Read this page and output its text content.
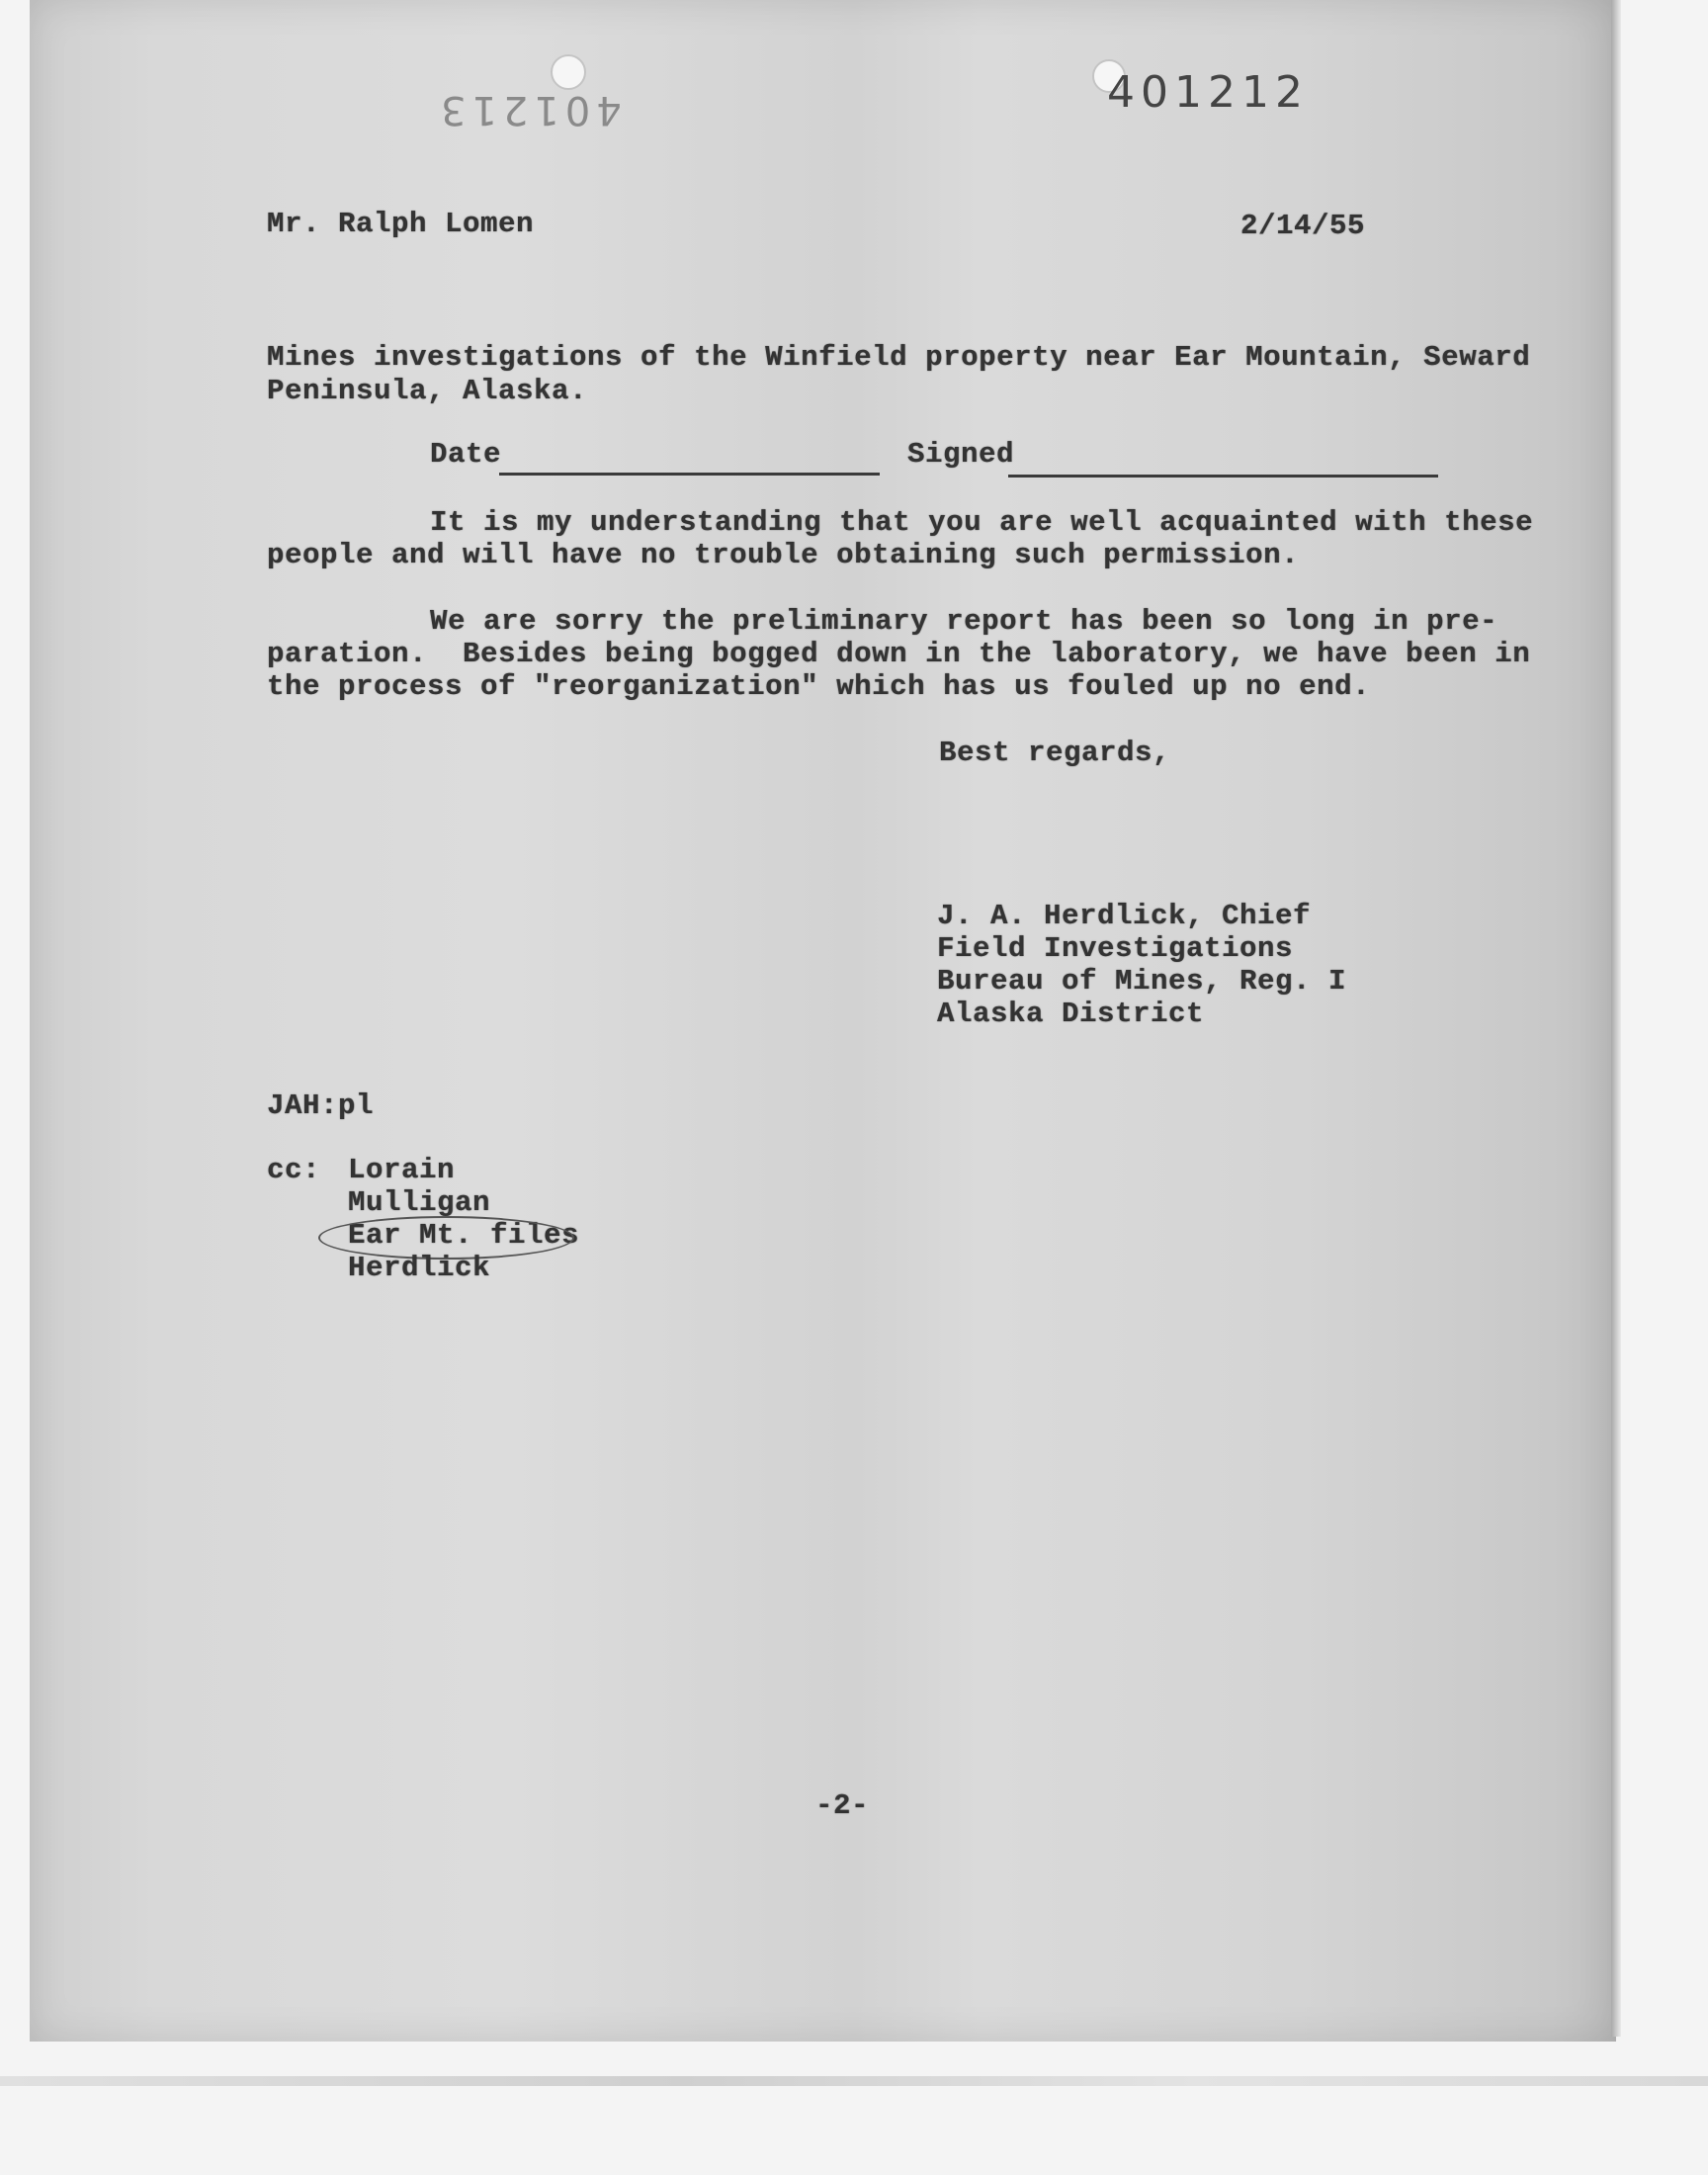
401213	401212
Mr. Ralph Lomen	2/14/55
Mines investigations of the Winfield property near Ear Mountain, Seward
Peninsula, Alaska.
Date	Signed
It is my understanding that you are well acquainted with these
people and will have no trouble obtaining such permission.
We are sorry the preliminary report has been so long in pre-
paration.  Besides being bogged down in the laboratory, we have been in
the process of "reorganization" which has us fouled up no end.
Best regards,
J. A. Herdlick, Chief
Field Investigations
Bureau of Mines, Reg. I
Alaska District
JAH:pl
cc: Lorain
Mulligan
Ear Mt. files
Herdlick
-2-
